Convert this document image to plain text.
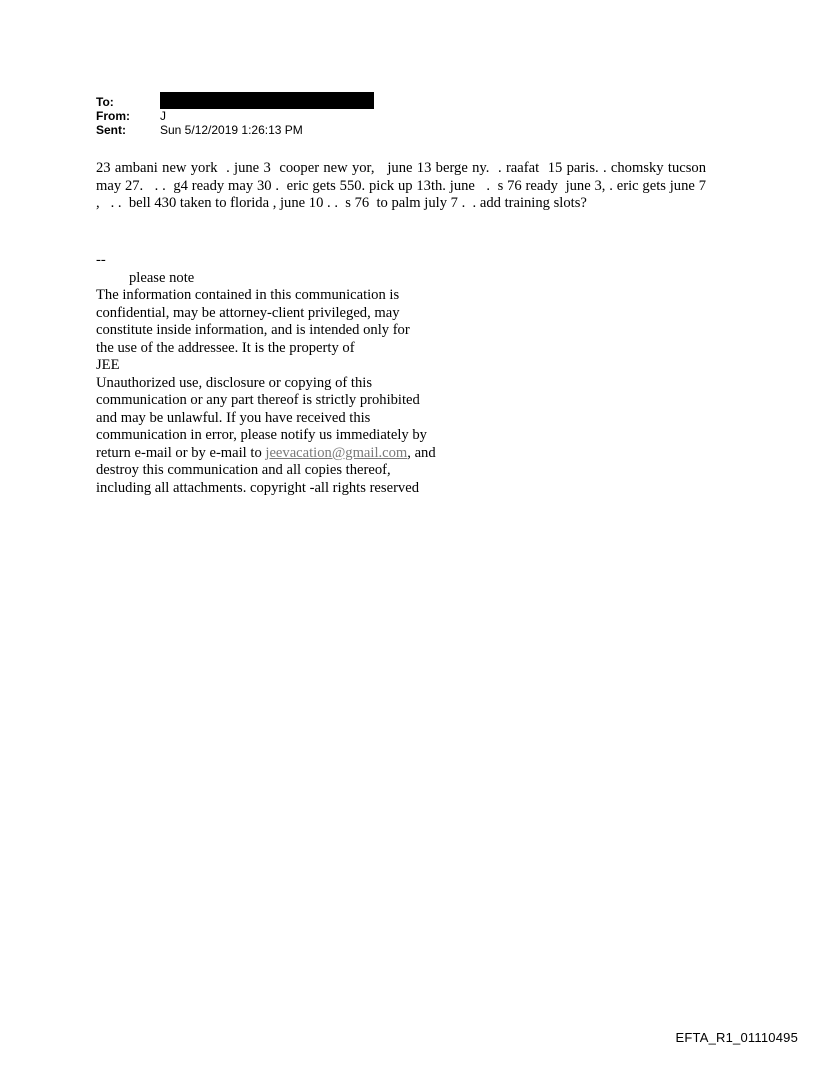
To:
From:	J
Sent:	Sun 5/12/2019 1:26:13 PM
23 ambani new york  . june 3  cooper new yor,   june 13 berge ny.  . raafat  15 paris. . chomsky tucson may 27.   . .  g4 ready may 30 .  eric gets 550. pick up 13th. june   .  s 76 ready  june 3, . eric gets june 7 ,   . .  bell 430 taken to florida , june 10 . .  s 76  to palm july 7 .  . add training slots?
--
please note
The information contained in this communication is
confidential, may be attorney-client privileged, may
constitute inside information, and is intended only for
the use of the addressee. It is the property of
JEE
Unauthorized use, disclosure or copying of this
communication or any part thereof is strictly prohibited
and may be unlawful. If you have received this
communication in error, please notify us immediately by
return e-mail or by e-mail to jeevacation@gmail.com, and
destroy this communication and all copies thereof,
including all attachments. copyright -all rights reserved
EFTA_R1_01110495
